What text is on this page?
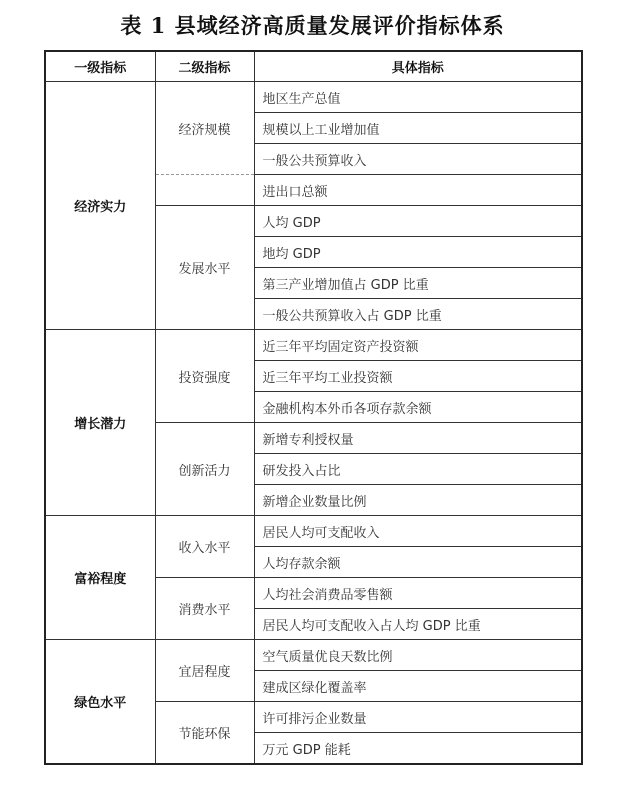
表 1 县域经济高质量发展评价指标体系
一级指标	二级指标	具体指标
经济实力	经济规模	地区生产总值
		规模以上工业增加值
		一般公共预算收入
		进出口总额
	发展水平	人均 GDP
		地均 GDP
		第三产业增加值占 GDP 比重
		一般公共预算收入占 GDP 比重
增长潜力	投资强度	近三年平均固定资产投资额
		近三年平均工业投资额
		金融机构本外币各项存款余额
	创新活力	新增专利授权量
		研发投入占比
		新增企业数量比例
富裕程度	收入水平	居民人均可支配收入
		人均存款余额
	消费水平	人均社会消费品零售额
		居民人均可支配收入占人均 GDP 比重
绿色水平	宜居程度	空气质量优良天数比例
		建成区绿化覆盖率
	节能环保	许可排污企业数量
		万元 GDP 能耗
